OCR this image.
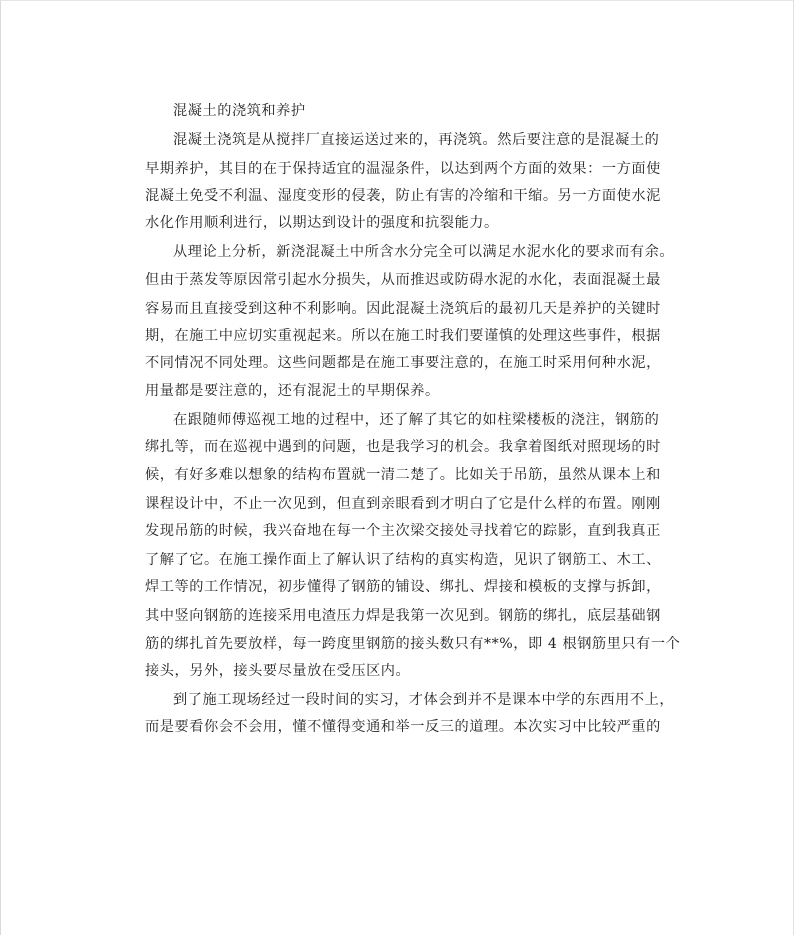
混凝土的浇筑和养护
混凝土浇筑是从搅拌厂直接运送过来的，再浇筑。然后要注意的是混凝土的
早期养护，其目的在于保持适宜的温湿条件，以达到两个方面的效果：一方面使
混凝土免受不利温、湿度变形的侵袭，防止有害的冷缩和干缩。另一方面使水泥
水化作用顺利进行，以期达到设计的强度和抗裂能力。
从理论上分析，新浇混凝土中所含水分完全可以满足水泥水化的要求而有余。
但由于蒸发等原因常引起水分损失，从而推迟或防碍水泥的水化，表面混凝土最
容易而且直接受到这种不利影响。因此混凝土浇筑后的最初几天是养护的关键时
期，在施工中应切实重视起来。所以在施工时我们要谨慎的处理这些事件，根据
不同情况不同处理。这些问题都是在施工事要注意的，在施工时采用何种水泥，
用量都是要注意的，还有混泥土的早期保养。
在跟随师傅巡视工地的过程中，还了解了其它的如柱梁楼板的浇注，钢筋的
绑扎等，而在巡视中遇到的问题，也是我学习的机会。我拿着图纸对照现场的时
候，有好多难以想象的结构布置就一清二楚了。比如关于吊筋，虽然从课本上和
课程设计中，不止一次见到，但直到亲眼看到才明白了它是什么样的布置。刚刚
发现吊筋的时候，我兴奋地在每一个主次梁交接处寻找着它的踪影，直到我真正
了解了它。在施工操作面上了解认识了结构的真实构造，见识了钢筋工、木工、
焊工等的工作情况，初步懂得了钢筋的铺设、绑扎、焊接和模板的支撑与拆卸，
其中竖向钢筋的连接采用电渣压力焊是我第一次见到。钢筋的绑扎，底层基础钢
筋的绑扎首先要放样，每一跨度里钢筋的接头数只有**%，即 4 根钢筋里只有一个
接头，另外，接头要尽量放在受压区内。
到了施工现场经过一段时间的实习，才体会到并不是课本中学的东西用不上，
而是要看你会不会用，懂不懂得变通和举一反三的道理。本次实习中比较严重的
